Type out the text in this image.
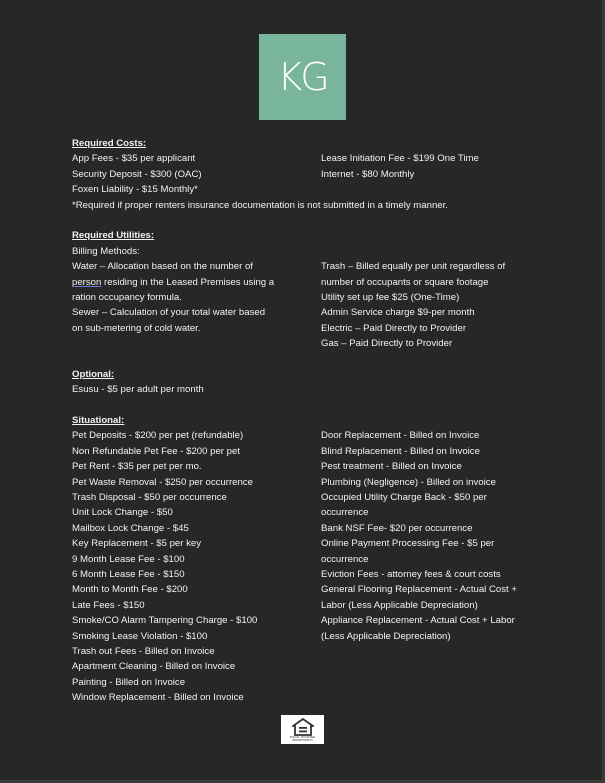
KG
Required Costs:
App Fees - $35 per applicant
Security Deposit - $300 (OAC)
Foxen Liability - $15 Monthly*
Lease Initiation Fee - $199 One Time
Internet - $80 Monthly
*Required if proper renters insurance documentation is not submitted in a timely manner.
Required Utilities:
Billing Methods:
Water – Allocation based on the number of
person residing in the Leased Premises using a
ration occupancy formula.
Sewer – Calculation of your total water based
on sub-metering of cold water.
Trash – Billed equally per unit regardless of
number of occupants or square footage
Utility set up fee $25 (One-Time)
Admin Service charge $9-per month
Electric – Paid Directly to Provider
Gas – Paid Directly to Provider
Optional:
Esusu - $5 per adult per month
Situational:
Pet Deposits - $200 per pet (refundable)
Non Refundable Pet Fee - $200 per pet
Pet Rent - $35 per pet per mo.
Pet Waste Removal - $250 per occurrence
Trash Disposal - $50 per occurrence
Unit Lock Change - $50
Mailbox Lock Change - $45
Key Replacement - $5 per key
9 Month Lease Fee - $100
6 Month Lease Fee - $150
Month to Month Fee - $200
Late Fees - $150
Smoke/CO Alarm Tampering Charge - $100
Smoking Lease Violation - $100
Trash out Fees - Billed on Invoice
Apartment Cleaning - Billed on Invoice
Painting - Billed on Invoice
Window Replacement - Billed on Invoice
Door Replacement - Billed on Invoice
Blind Replacement - Billed on Invoice
Pest treatment - Billed on Invoice
Plumbing (Negligence) - Billed on invoice
Occupied Utility Charge Back - $50 per
occurrence
Bank NSF Fee- $20 per occurrence
Online Payment Processing Fee - $5 per
occurrence
Eviction Fees - attorney fees & court costs
General Flooring Replacement - Actual Cost +
Labor (Less Applicable Depreciation)
Appliance Replacement - Actual Cost + Labor
(Less Applicable Depreciation)
EQUAL HOUSING OPPORTUNITY
